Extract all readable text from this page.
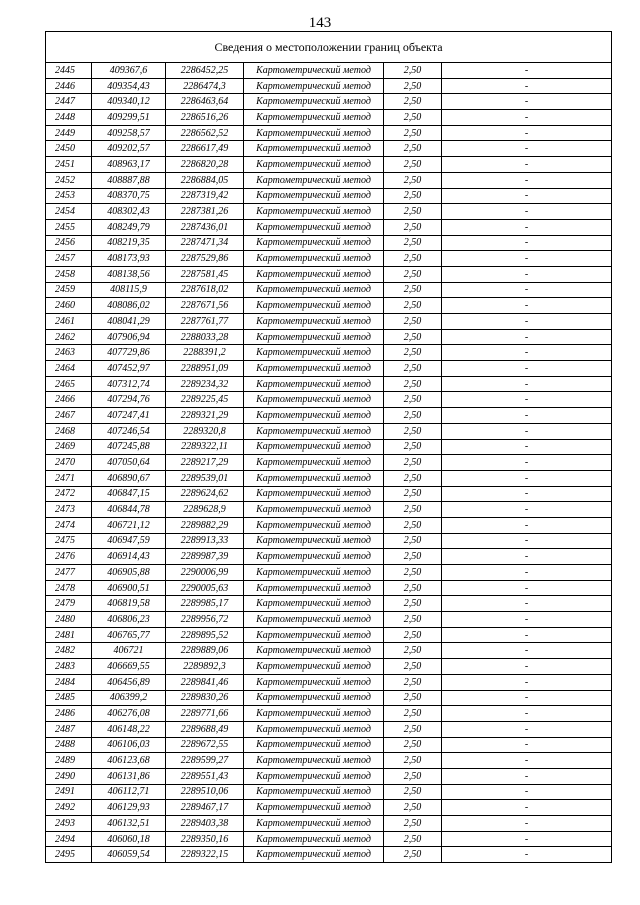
143
Сведения о местоположении границ объекта					
2445	409367,6	2286452,25	Картометрический метод	2,50	-
2446	409354,43	2286474,3	Картометрический метод	2,50	-
2447	409340,12	2286463,64	Картометрический метод	2,50	-
2448	409299,51	2286516,26	Картометрический метод	2,50	-
2449	409258,57	2286562,52	Картометрический метод	2,50	-
2450	409202,57	2286617,49	Картометрический метод	2,50	-
2451	408963,17	2286820,28	Картометрический метод	2,50	-
2452	408887,88	2286884,05	Картометрический метод	2,50	-
2453	408370,75	2287319,42	Картометрический метод	2,50	-
2454	408302,43	2287381,26	Картометрический метод	2,50	-
2455	408249,79	2287436,01	Картометрический метод	2,50	-
2456	408219,35	2287471,34	Картометрический метод	2,50	-
2457	408173,93	2287529,86	Картометрический метод	2,50	-
2458	408138,56	2287581,45	Картометрический метод	2,50	-
2459	408115,9	2287618,02	Картометрический метод	2,50	-
2460	408086,02	2287671,56	Картометрический метод	2,50	-
2461	408041,29	2287761,77	Картометрический метод	2,50	-
2462	407906,94	2288033,28	Картометрический метод	2,50	-
2463	407729,86	2288391,2	Картометрический метод	2,50	-
2464	407452,97	2288951,09	Картометрический метод	2,50	-
2465	407312,74	2289234,32	Картометрический метод	2,50	-
2466	407294,76	2289225,45	Картометрический метод	2,50	-
2467	407247,41	2289321,29	Картометрический метод	2,50	-
2468	407246,54	2289320,8	Картометрический метод	2,50	-
2469	407245,88	2289322,11	Картометрический метод	2,50	-
2470	407050,64	2289217,29	Картометрический метод	2,50	-
2471	406890,67	2289539,01	Картометрический метод	2,50	-
2472	406847,15	2289624,62	Картометрический метод	2,50	-
2473	406844,78	2289628,9	Картометрический метод	2,50	-
2474	406721,12	2289882,29	Картометрический метод	2,50	-
2475	406947,59	2289913,33	Картометрический метод	2,50	-
2476	406914,43	2289987,39	Картометрический метод	2,50	-
2477	406905,88	2290006,99	Картометрический метод	2,50	-
2478	406900,51	2290005,63	Картометрический метод	2,50	-
2479	406819,58	2289985,17	Картометрический метод	2,50	-
2480	406806,23	2289956,72	Картометрический метод	2,50	-
2481	406765,77	2289895,52	Картометрический метод	2,50	-
2482	406721	2289889,06	Картометрический метод	2,50	-
2483	406669,55	2289892,3	Картометрический метод	2,50	-
2484	406456,89	2289841,46	Картометрический метод	2,50	-
2485	406399,2	2289830,26	Картометрический метод	2,50	-
2486	406276,08	2289771,66	Картометрический метод	2,50	-
2487	406148,22	2289688,49	Картометрический метод	2,50	-
2488	406106,03	2289672,55	Картометрический метод	2,50	-
2489	406123,68	2289599,27	Картометрический метод	2,50	-
2490	406131,86	2289551,43	Картометрический метод	2,50	-
2491	406112,71	2289510,06	Картометрический метод	2,50	-
2492	406129,93	2289467,17	Картометрический метод	2,50	-
2493	406132,51	2289403,38	Картометрический метод	2,50	-
2494	406060,18	2289350,16	Картометрический метод	2,50	-
2495	406059,54	2289322,15	Картометрический метод	2,50	-
